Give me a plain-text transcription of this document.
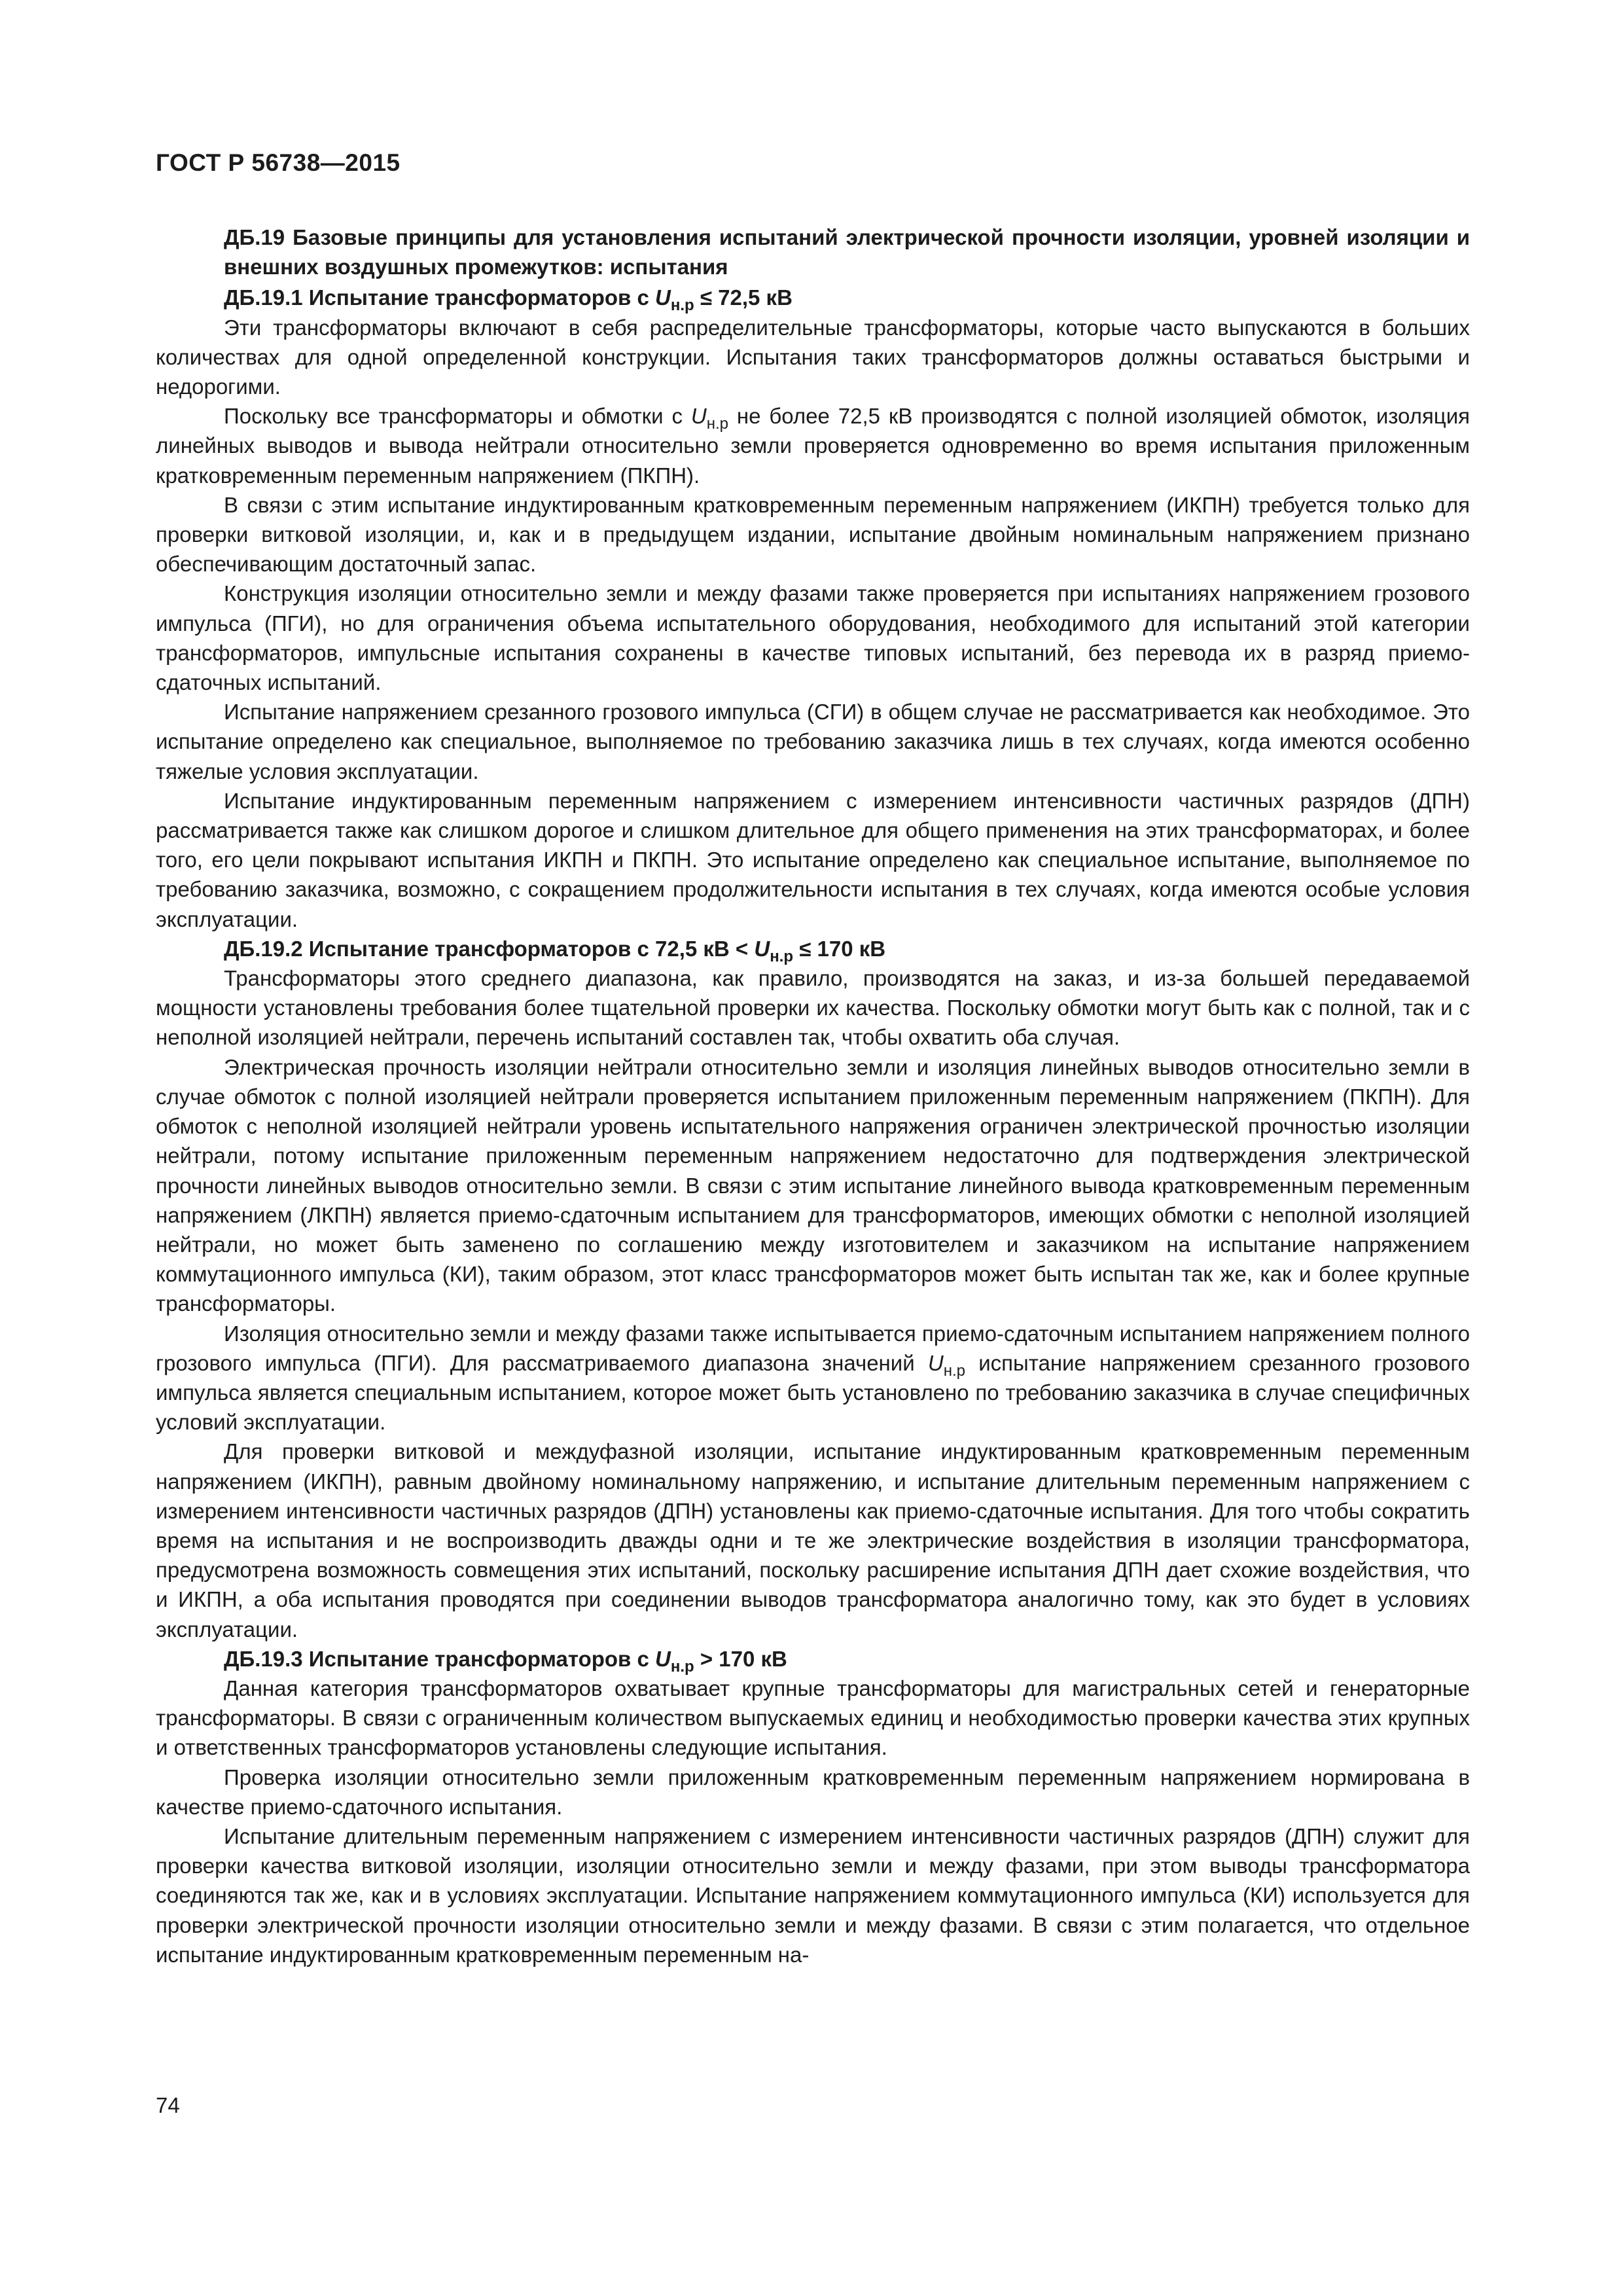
ГОСТ Р 56738—2015
ДБ.19 Базовые принципы для установления испытаний электрической прочности изоляции, уровней изоляции и внешних воздушных промежутков: испытания
ДБ.19.1 Испытание трансформаторов с $U_{н.р} \le 72,5$ кВ

Эти трансформаторы включают в себя распределительные трансформаторы, которые часто выпускаются в больших количествах для одной определенной конструкции. Испытания таких трансформаторов должны оставаться быстрыми и недорогими.

Поскольку все трансформаторы и обмотки с $U_{н.р}$ не более 72,5 кВ производятся с полной изоляцией обмоток, изоляция линейных выводов и вывода нейтрали относительно земли проверяется одновременно во время испытания приложенным кратковременным переменным напряжением (ПКПН).

В связи с этим испытание индуктированным кратковременным переменным напряжением (ИКПН) требуется только для проверки витковой изоляции, и, как и в предыдущем издании, испытание двойным номинальным напряжением признано обеспечивающим достаточный запас.

Конструкция изоляции относительно земли и между фазами также проверяется при испытаниях напряжением грозового импульса (ПГИ), но для ограничения объема испытательного оборудования, необходимого для испытаний этой категории трансформаторов, импульсные испытания сохранены в качестве типовых испытаний, без перевода их в разряд приемо-сдаточных испытаний.

Испытание напряжением срезанного грозового импульса (СГИ) в общем случае не рассматривается как необходимое. Это испытание определено как специальное, выполняемое по требованию заказчика лишь в тех случаях, когда имеются особенно тяжелые условия эксплуатации.

Испытание индуктированным переменным напряжением с измерением интенсивности частичных разрядов (ДПН) рассматривается также как слишком дорогое и слишком длительное для общего применения на этих трансформаторах, и более того, его цели покрывают испытания ИКПН и ПКПН. Это испытание определено как специальное испытание, выполняемое по требованию заказчика, возможно, с сокращением продолжительности испытания в тех случаях, когда имеются особые условия эксплуатации.

ДБ.19.2 Испытание трансформаторов с 72,5 кВ < $U_{н.р} \le 170$ кВ

Трансформаторы этого среднего диапазона, как правило, производятся на заказ, и из-за большей передаваемой мощности установлены требования более тщательной проверки их качества. Поскольку обмотки могут быть как с полной, так и с неполной изоляцией нейтрали, перечень испытаний составлен так, чтобы охватить оба случая.

Электрическая прочность изоляции нейтрали относительно земли и изоляция линейных выводов относительно земли в случае обмоток с полной изоляцией нейтрали проверяется испытанием приложенным переменным напряжением (ПКПН). Для обмоток с неполной изоляцией нейтрали уровень испытательного напряжения ограничен электрической прочностью изоляции нейтрали, потому испытание приложенным переменным напряжением недостаточно для подтверждения электрической прочности линейных выводов относительно земли. В связи с этим испытание линейного вывода кратковременным переменным напряжением (ЛКПН) является приемо-сдаточным испытанием для трансформаторов, имеющих обмотки с неполной изоляцией нейтрали, но может быть заменено по соглашению между изготовителем и заказчиком на испытание напряжением коммутационного импульса (КИ), таким образом, этот класс трансформаторов может быть испытан так же, как и более крупные трансформаторы.

Изоляция относительно земли и между фазами также испытывается приемо-сдаточным испытанием напряжением полного грозового импульса (ПГИ). Для рассматриваемого диапазона значений $U_{н.р}$ испытание напряжением срезанного грозового импульса является специальным испытанием, которое может быть установлено по требованию заказчика в случае специфичных условий эксплуатации.

Для проверки витковой и междуфазной изоляции, испытание индуктированным кратковременным переменным напряжением (ИКПН), равным двойному номинальному напряжению, и испытание длительным переменным напряжением с измерением интенсивности частичных разрядов (ДПН) установлены как приемо-сдаточные испытания. Для того чтобы сократить время на испытания и не воспроизводить дважды одни и те же электрические воздействия в изоляции трансформатора, предусмотрена возможность совмещения этих испытаний, поскольку расширение испытания ДПН дает схожие воздействия, что и ИКПН, а оба испытания проводятся при соединении выводов трансформатора аналогично тому, как это будет в условиях эксплуатации.

ДБ.19.3 Испытание трансформаторов с $U_{н.р} > 170$ кВ

Данная категория трансформаторов охватывает крупные трансформаторы для магистральных сетей и генераторные трансформаторы. В связи с ограниченным количеством выпускаемых единиц и необходимостью проверки качества этих крупных и ответственных трансформаторов установлены следующие испытания.

Проверка изоляции относительно земли приложенным кратковременным переменным напряжением нормирована в качестве приемо-сдаточного испытания.

Испытание длительным переменным напряжением с измерением интенсивности частичных разрядов (ДПН) служит для проверки качества витковой изоляции, изоляции относительно земли и между фазами, при этом выводы трансформатора соединяются так же, как и в условиях эксплуатации. Испытание напряжением коммутационного импульса (КИ) используется для проверки электрической прочности изоляции относительно земли и между фазами. В связи с этим полагается, что отдельное испытание индуктированным кратковременным переменным на-

74
